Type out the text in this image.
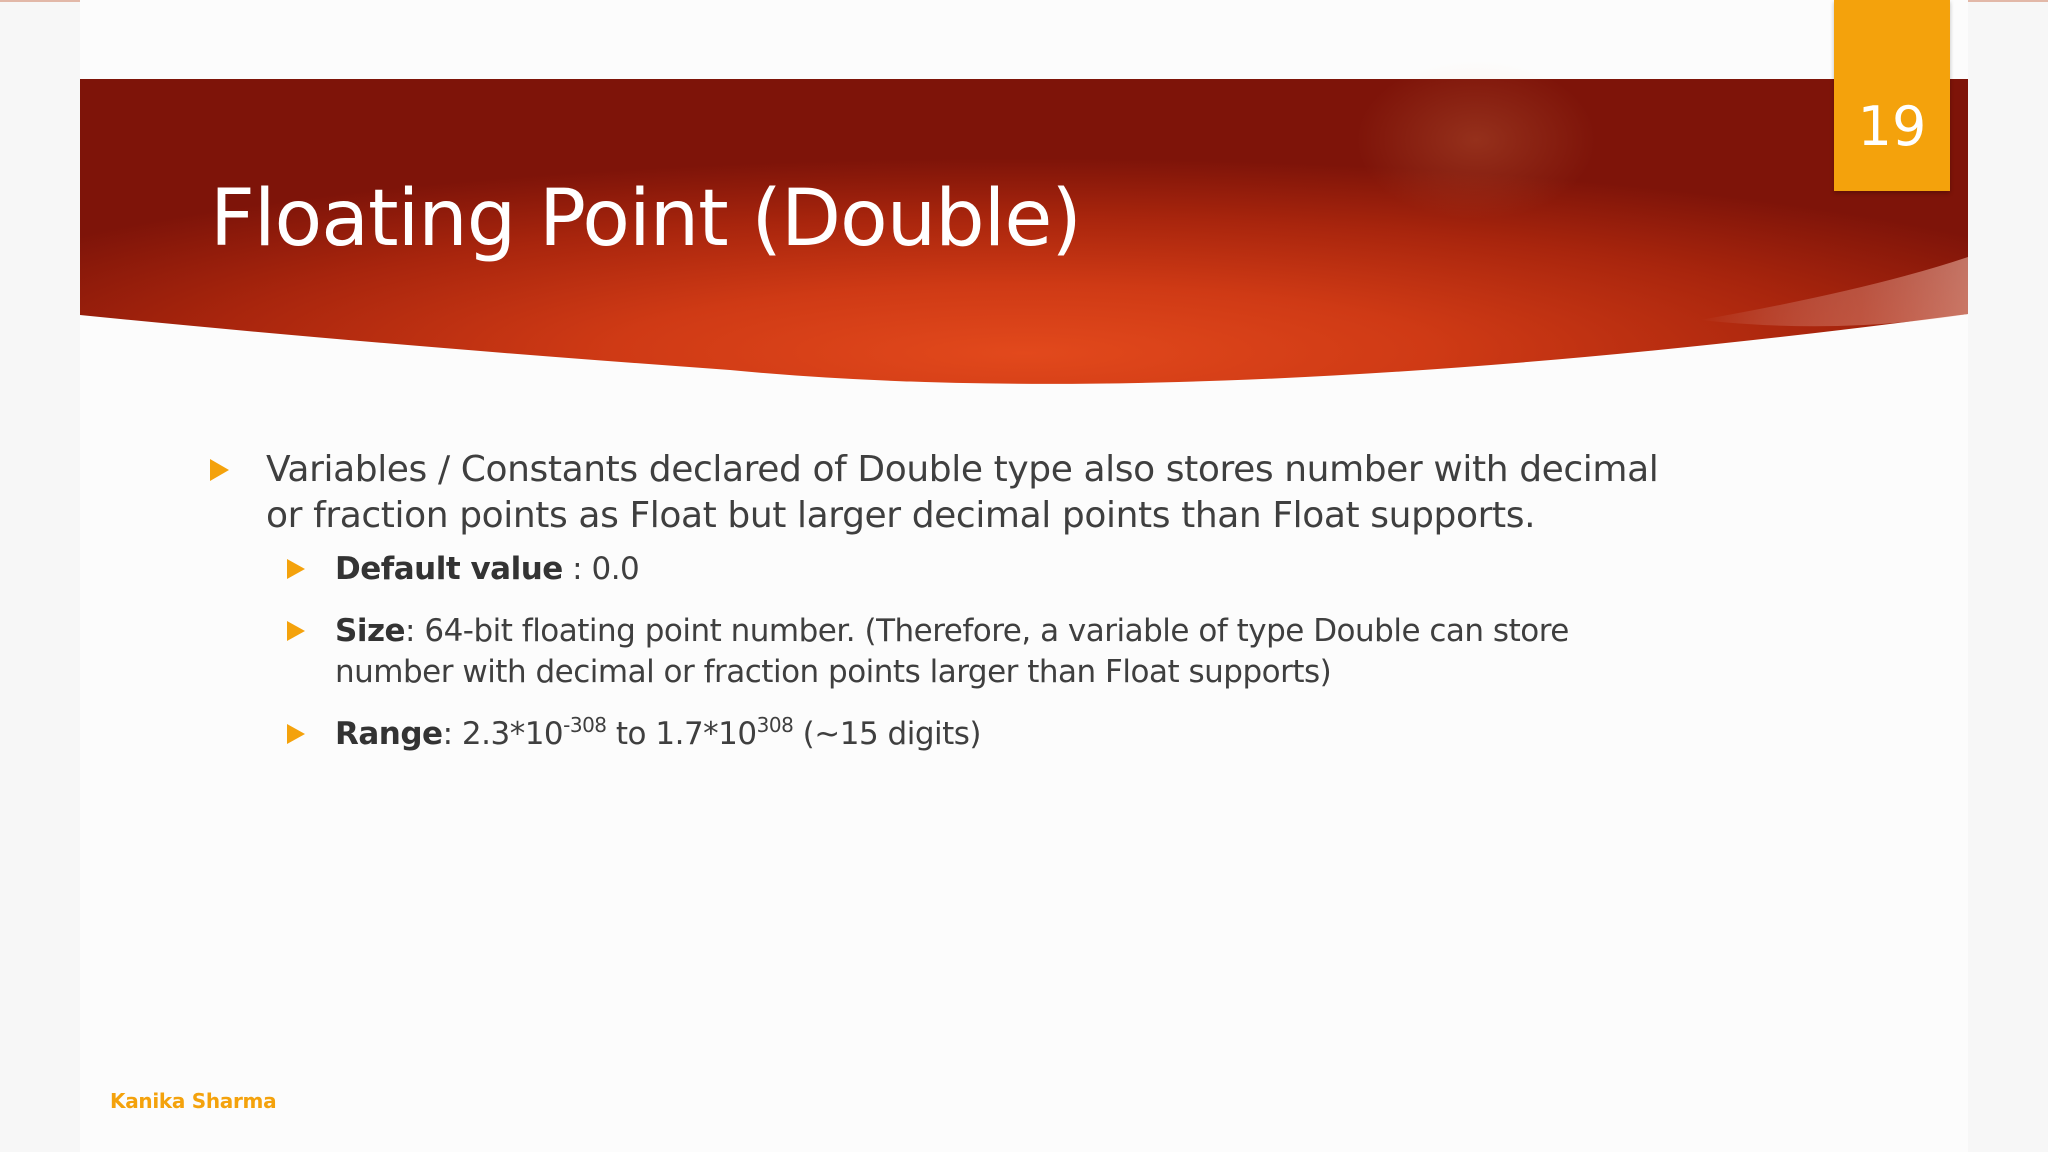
Floating Point (Double)
19
Variables / Constants declared of Double type also stores number with decimal or fraction points as Float but larger decimal points than Float supports.
Default value : 0.0
Size: 64-bit floating point number. (Therefore, a variable of type Double can store number with decimal or fraction points larger than Float supports)
Range: $2.3*10^{-308}$ to $1.7*10^{308}$ (~15 digits)
Kanika Sharma
